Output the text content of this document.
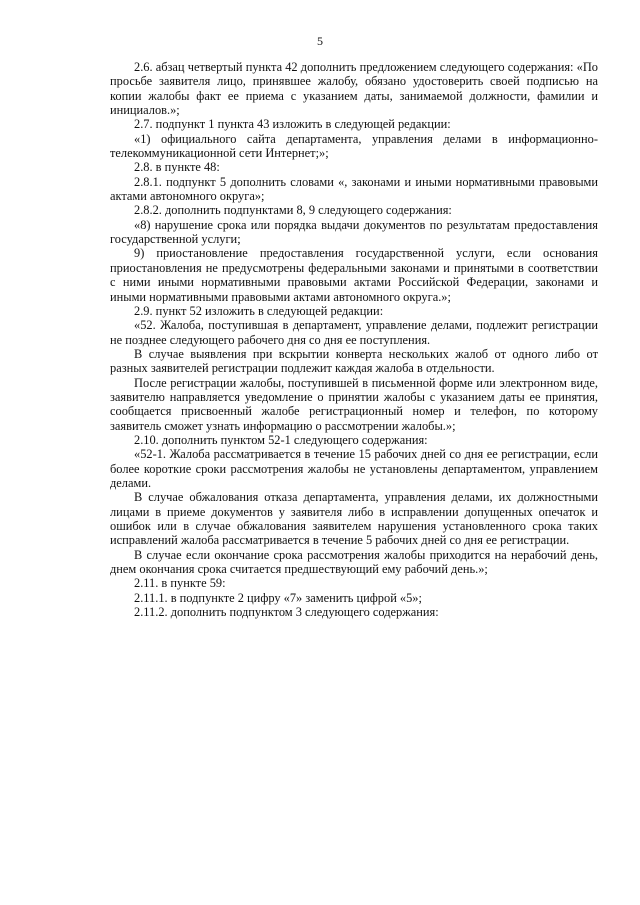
5

2.6. абзац четвертый пункта 42 дополнить предложением следующего содержания: «По просьбе заявителя лицо, принявшее жалобу, обязано удостоверить своей подписью на копии жалобы факт ее приема с указанием даты, занимаемой должности, фамилии и инициалов.»;

2.7. подпункт 1 пункта 43 изложить в следующей редакции:

«1) официального сайта департамента, управления делами в информационно-телекоммуникационной сети Интернет;»;

2.8. в пункте 48:

2.8.1. подпункт 5 дополнить словами «, законами и иными нормативными правовыми актами автономного округа»;

2.8.2. дополнить подпунктами 8, 9 следующего содержания:

«8) нарушение срока или порядка выдачи документов по результатам предоставления государственной услуги;

9) приостановление предоставления государственной услуги, если основания приостановления не предусмотрены федеральными законами и принятыми в соответствии с ними иными нормативными правовыми актами Российской Федерации, законами и иными нормативными правовыми актами автономного округа.»;

2.9. пункт 52 изложить в следующей редакции:

«52. Жалоба, поступившая в департамент, управление делами, подлежит регистрации не позднее следующего рабочего дня со дня ее поступления.

В случае выявления при вскрытии конверта нескольких жалоб от одного либо от разных заявителей регистрации подлежит каждая жалоба в отдельности.

После регистрации жалобы, поступившей в письменной форме или электронном виде, заявителю направляется уведомление о принятии жалобы с указанием даты ее принятия, сообщается присвоенный жалобе регистрационный номер и телефон, по которому заявитель сможет узнать информацию о рассмотрении жалобы.»;

2.10. дополнить пунктом 52-1 следующего содержания:

«52-1. Жалоба рассматривается в течение 15 рабочих дней со дня ее регистрации, если более короткие сроки рассмотрения жалобы не установлены департаментом, управлением делами.

В случае обжалования отказа департамента, управления делами, их должностными лицами в приеме документов у заявителя либо в исправлении допущенных опечаток и ошибок или в случае обжалования заявителем нарушения установленного срока таких исправлений жалоба рассматривается в течение 5 рабочих дней со дня ее регистрации.

В случае если окончание срока рассмотрения жалобы приходится на нерабочий день, днем окончания срока считается предшествующий ему рабочий день.»;

2.11. в пункте 59:

2.11.1. в подпункте 2 цифру «7» заменить цифрой «5»;

2.11.2. дополнить подпунктом 3 следующего содержания:
